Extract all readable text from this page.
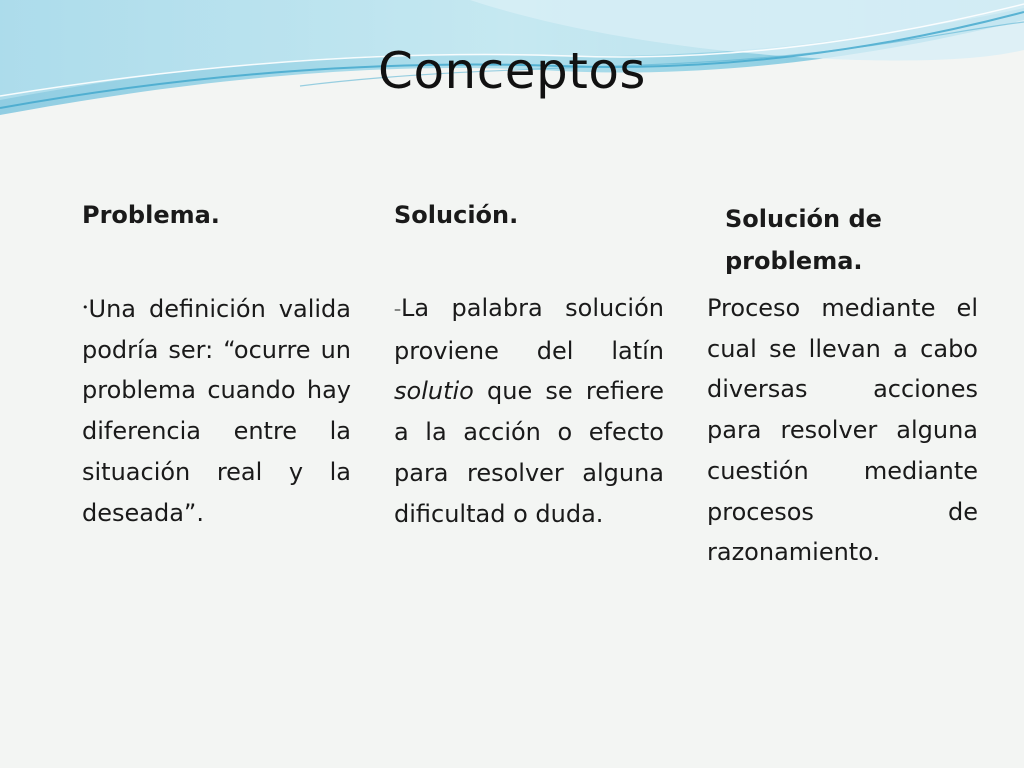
Conceptos
Problema.
•Una definición valida podría ser: “ocurre un problema cuando hay diferencia entre la situación real y la deseada”.
Solución.
–La palabra solución proviene del latín solutio que se refiere a la acción o efecto para resolver alguna dificultad o duda.
Solución de problema.
Proceso mediante el cual se llevan a cabo diversas acciones para resolver alguna cuestión mediante procesos de razonamiento.
